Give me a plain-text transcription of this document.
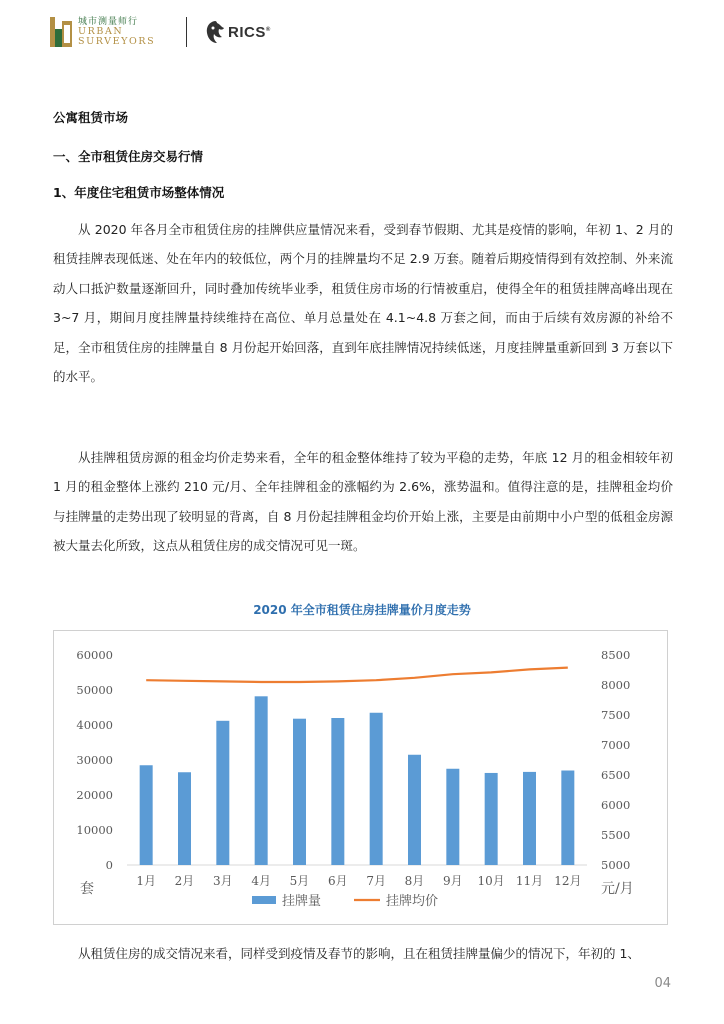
城市测量师行
URBAN
SURVEYORS
RICS®
公寓租赁市场
一、全市租赁住房交易行情
1、年度住宅租赁市场整体情况

从 2020 年各月全市租赁住房的挂牌供应量情况来看，受到春节假期、尤其是疫情的影响，年初 1、2 月的租赁挂牌表现低迷、处在年内的较低位，两个月的挂牌量均不足 2.9 万套。随着后期疫情得到有效控制、外来流动人口抵沪数量逐渐回升，同时叠加传统毕业季，租赁住房市场的行情被重启，使得全年的租赁挂牌高峰出现在 3~7 月，期间月度挂牌量持续维持在高位、单月总量处在 4.1~4.8 万套之间，而由于后续有效房源的补给不足，全市租赁住房的挂牌量自 8 月份起开始回落，直到年底挂牌情况持续低迷，月度挂牌量重新回到 3 万套以下的水平。

从挂牌租赁房源的租金均价走势来看，全年的租金整体维持了较为平稳的走势，年底 12 月的租金相较年初 1 月的租金整体上涨约 210 元/月、全年挂牌租金的涨幅约为 2.6%，涨势温和。值得注意的是，挂牌租金均价与挂牌量的走势出现了较明显的背离，自 8 月份起挂牌租金均价开始上涨，主要是由前期中小户型的低租金房源被大量去化所致，这点从租赁住房的成交情况可见一斑。

2020 年全市租赁住房挂牌量价月度走势
0
10000
20000
30000
40000
50000
60000
5000
5500
6000
6500
7000
7500
8000
8500
1月 2月 3月 4月 5月 6月 7月 8月 9月 10月 11月 12月
套	元/月
挂牌量	挂牌均价

从租赁住房的成交情况来看，同样受到疫情及春节的影响，且在租赁挂牌量偏少的情况下，年初的 1、

04
